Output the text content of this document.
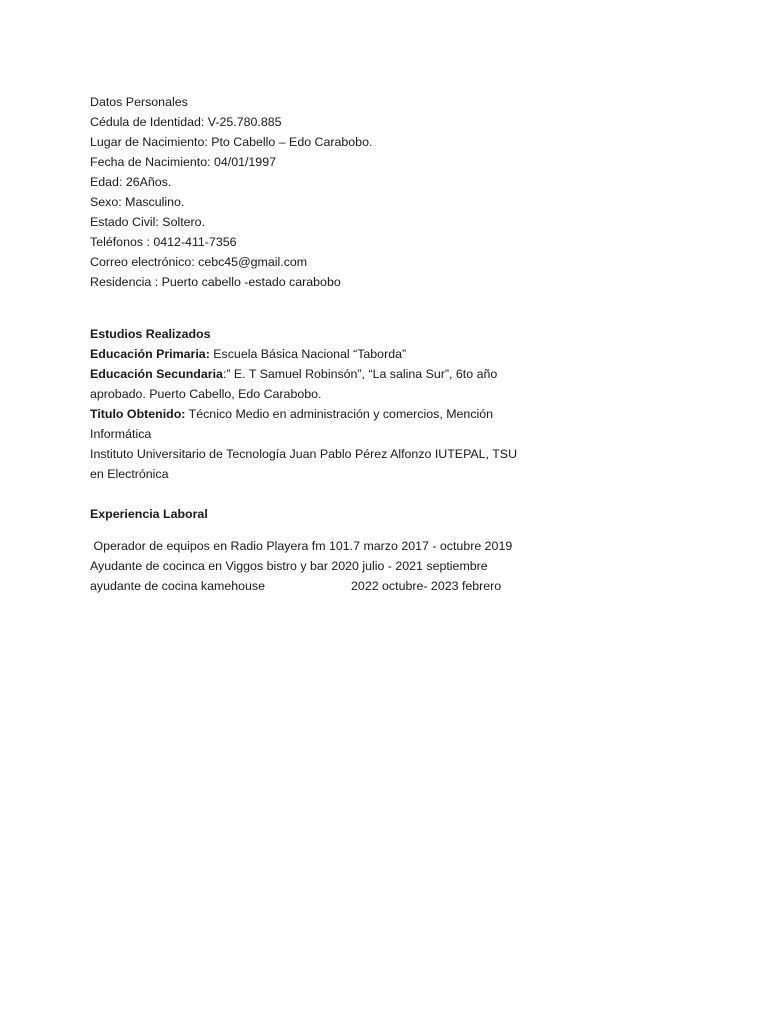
Datos Personales
Cédula de Identidad: V-25.780.885
Lugar de Nacimiento: Pto Cabello – Edo Carabobo.
Fecha de Nacimiento: 04/01/1997
Edad: 26Años.
Sexo: Masculino.
Estado Civil: Soltero.
Teléfonos : 0412-411-7356
Correo electrónico: cebc45@gmail.com
Residencia : Puerto cabello -estado carabobo
Estudios Realizados
Educación Primaria: Escuela Básica Nacional “Taborda”
Educación Secundaria:” E. T Samuel Robinsón”, “La salina Sur”, 6to año aprobado. Puerto Cabello, Edo Carabobo.
Titulo Obtenido: Técnico Medio en administración y comercios, Mención Informática
Instituto Universitario de Tecnología Juan Pablo Pérez Alfonzo IUTEPAL, TSU en Electrónica
Experiencia Laboral
Operador de equipos en Radio Playera fm 101.7 marzo 2017 - octubre 2019
Ayudante de cocinca en Viggos bistro y bar 2020 julio - 2021 septiembre
ayudante de cocina kamehouse                         2022 octubre- 2023 febrero
